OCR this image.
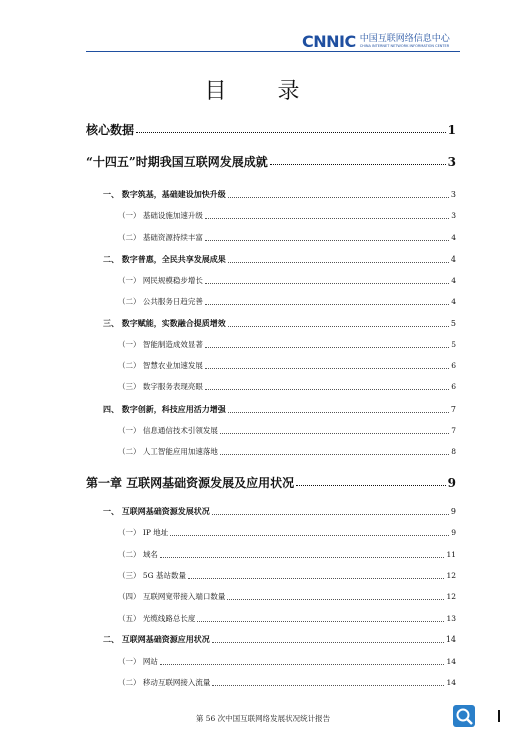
CNNIC 中国互联网络信息中心
CHINA INTERNET NETWORK INFORMATION CENTER
目 录
核心数据	1
“十四五”时期我国互联网发展成就	3
一、 数字筑基，基础建设加快升级	3
（一） 基础设施加速升级	3
（二） 基础资源持续丰富	4
二、 数字普惠，全民共享发展成果	4
（一） 网民规模稳步增长	4
（二） 公共服务日趋完善	4
三、 数字赋能，实数融合提质增效	5
（一） 智能制造成效显著	5
（二） 智慧农业加速发展	6
（三） 数字服务表现亮眼	6
四、 数字创新，科技应用活力增强	7
（一） 信息通信技术引领发展	7
（二） 人工智能应用加速落地	8
第一章 互联网基础资源发展及应用状况	9
一、 互联网基础资源发展状况	9
（一） IP 地址	9
（二） 域名	11
（三） 5G 基站数量	12
（四） 互联网宽带接入端口数量	12
（五） 光缆线路总长度	13
二、 互联网基础资源应用状况	14
（一） 网站	14
（二） 移动互联网接入流量	14
第 56 次中国互联网络发展状况统计报告
